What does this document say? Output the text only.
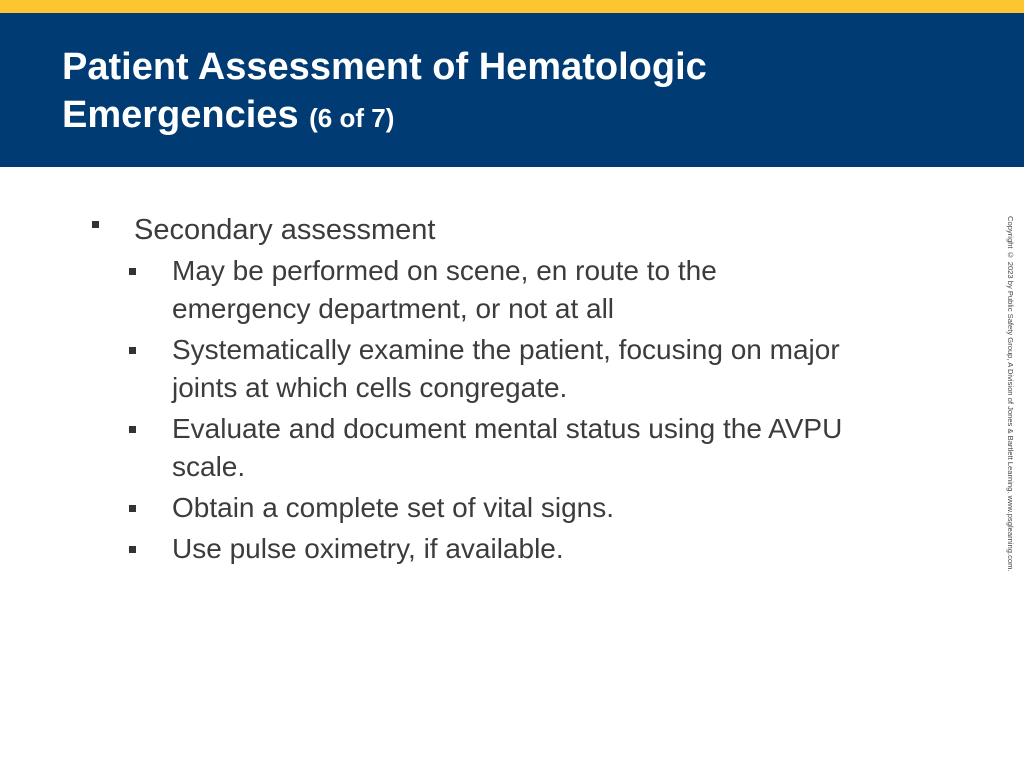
Patient Assessment of Hematologic
Emergencies (6 of 7)
Secondary assessment
May be performed on scene, en route to the
emergency department, or not at all
Systematically examine the patient, focusing on major
joints at which cells congregate.
Evaluate and document mental status using the AVPU
scale.
Obtain a complete set of vital signs.
Use pulse oximetry, if available.	Copyright © 2023 by Public Safety Group, A Division of Jones & Bartlett Learning. www.psglearning.com.
